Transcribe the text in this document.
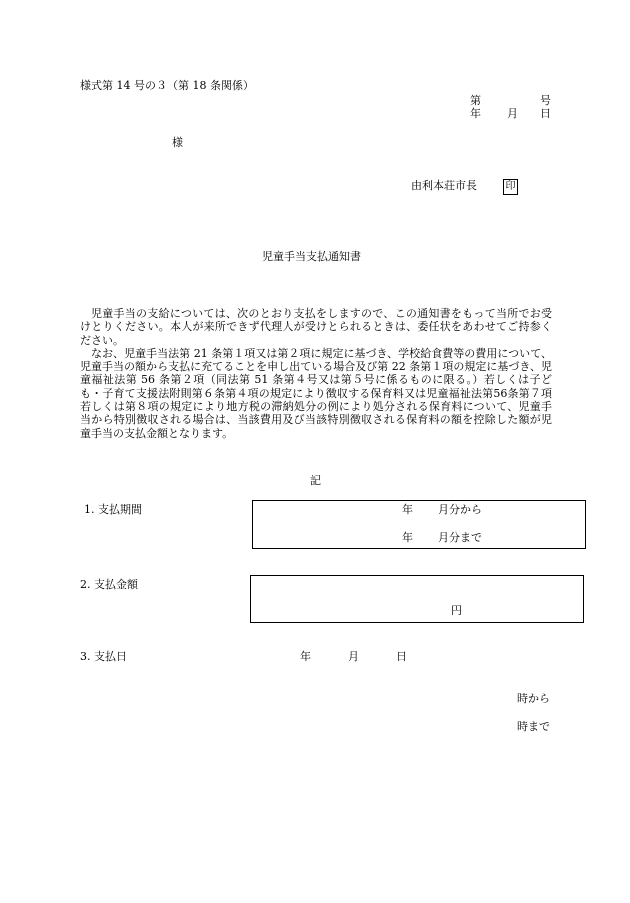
様式第 14 号の３（第 18 条関係）
第	号
年 月 日
様
由利本荘市長	印
児童手当支払通知書

児童手当の支給については、次のとおり支払をしますので、この通知書をもって当所でお受けとりください。本人が来所できず代理人が受けとられるときは、委任状をあわせてご持参ください。

なお、児童手当法第 21 条第１項又は第２項に規定に基づき、学校給食費等の費用について、児童手当の額から支払に充てることを申し出ている場合及び第 22 条第１項の規定に基づき、児童福祉法第 56 条第２項（同法第 51 条第４号又は第５号に係るものに限る。）若しくは子ども・子育て支援法附則第６条第４項の規定により徴収する保育料又は児童福祉法第56条第７項若しくは第８項の規定により地方税の滞納処分の例により処分される保育料について、児童手当から特別徴収される場合は、当該費用及び当該特別徴収される保育料の額を控除した額が児童手当の支払金額となります。

記
1. 支払期間	年 月分から
年 月分まで
2. 支払金額
円
3. 支払日	年	月	日
時から
時まで
